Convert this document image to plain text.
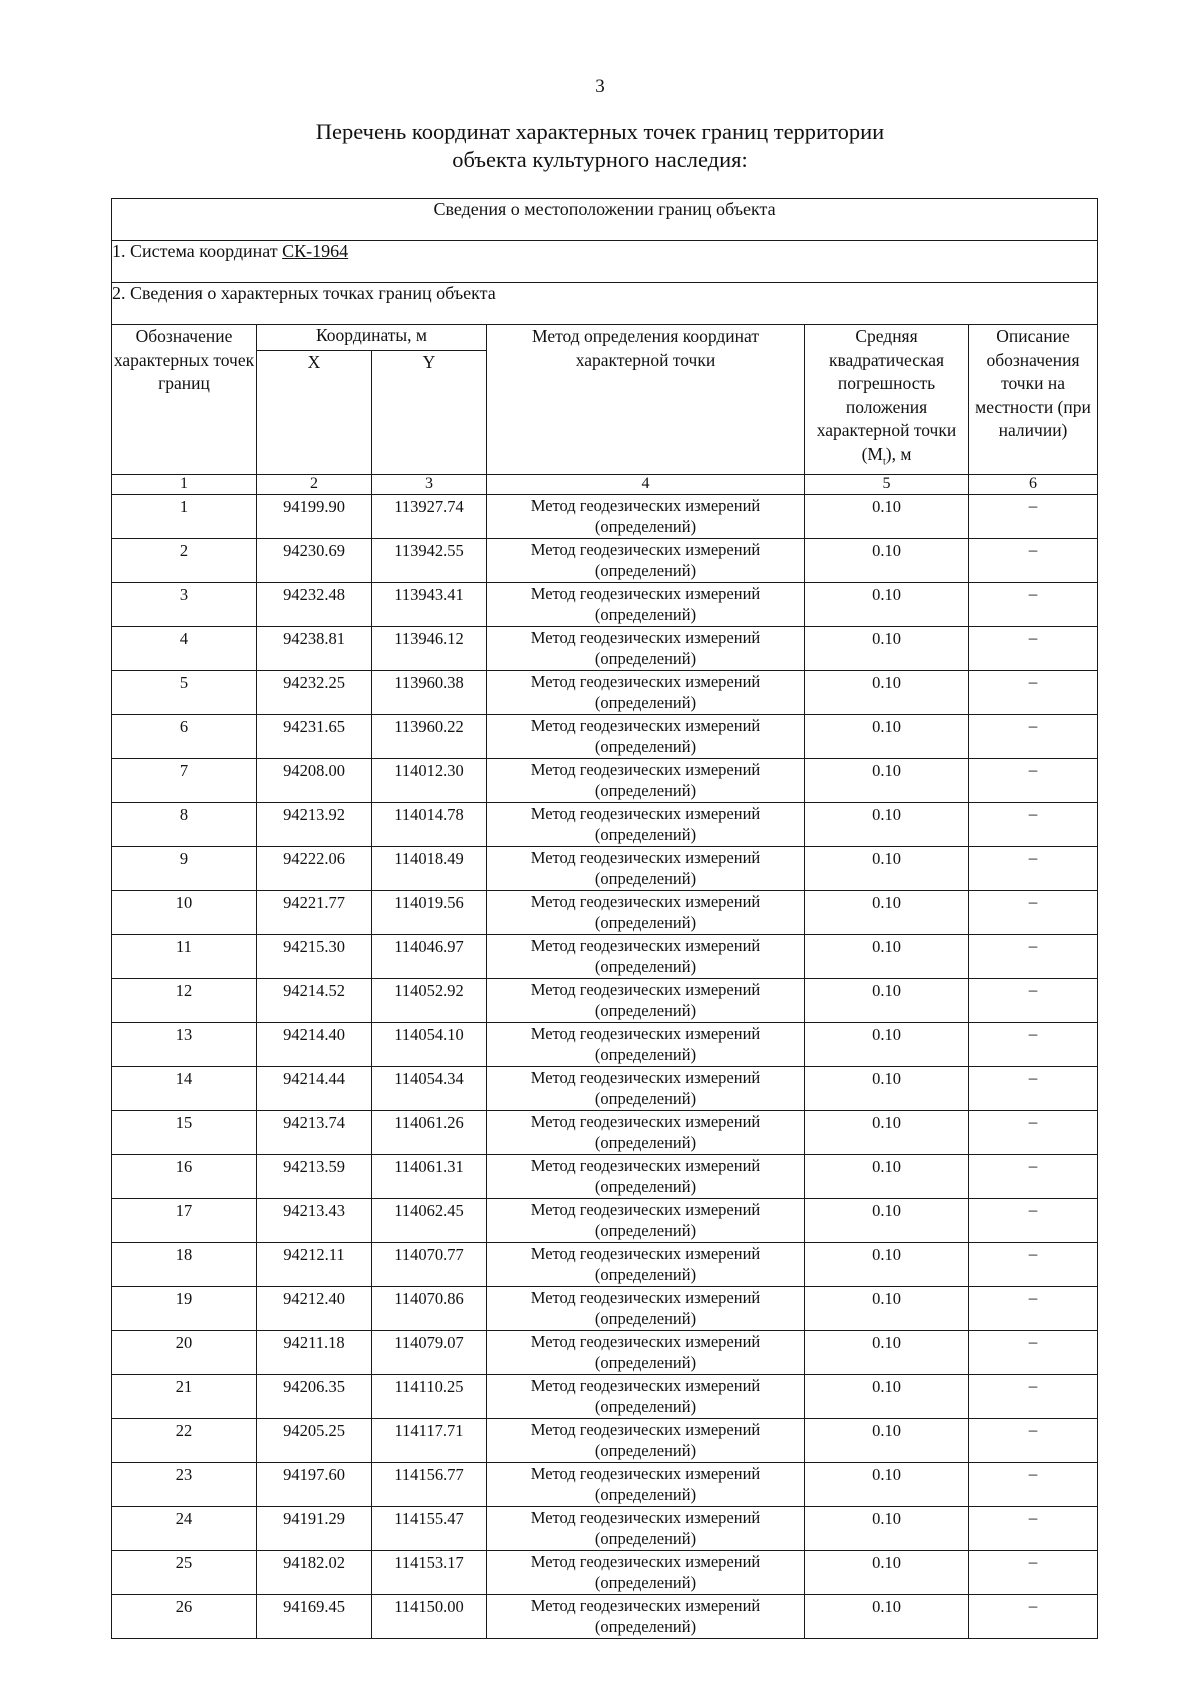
3
Перечень координат характерных точек границ территории
объекта культурного наследия:
Сведения о местоположении границ объекта					
1. Система координат СК-1964					
2. Сведения о характерных точках границ объекта					
Обозначение характерных точек границ	Координаты, м		Метод определения координат характерной точки	Средняя квадратическая погрешность положения характерной точки $(M_t)$, м	Описание обозначения точки на местности (при наличии)
	X	Y			
1	2	3	4	5	6
1	94199.90	113927.74	Метод геодезических измерений (определений)	0.10	–
2	94230.69	113942.55	Метод геодезических измерений (определений)	0.10	–
3	94232.48	113943.41	Метод геодезических измерений (определений)	0.10	–
4	94238.81	113946.12	Метод геодезических измерений (определений)	0.10	–
5	94232.25	113960.38	Метод геодезических измерений (определений)	0.10	–
6	94231.65	113960.22	Метод геодезических измерений (определений)	0.10	–
7	94208.00	114012.30	Метод геодезических измерений (определений)	0.10	–
8	94213.92	114014.78	Метод геодезических измерений (определений)	0.10	–
9	94222.06	114018.49	Метод геодезических измерений (определений)	0.10	–
10	94221.77	114019.56	Метод геодезических измерений (определений)	0.10	–
11	94215.30	114046.97	Метод геодезических измерений (определений)	0.10	–
12	94214.52	114052.92	Метод геодезических измерений (определений)	0.10	–
13	94214.40	114054.10	Метод геодезических измерений (определений)	0.10	–
14	94214.44	114054.34	Метод геодезических измерений (определений)	0.10	–
15	94213.74	114061.26	Метод геодезических измерений (определений)	0.10	–
16	94213.59	114061.31	Метод геодезических измерений (определений)	0.10	–
17	94213.43	114062.45	Метод геодезических измерений (определений)	0.10	–
18	94212.11	114070.77	Метод геодезических измерений (определений)	0.10	–
19	94212.40	114070.86	Метод геодезических измерений (определений)	0.10	–
20	94211.18	114079.07	Метод геодезических измерений (определений)	0.10	–
21	94206.35	114110.25	Метод геодезических измерений (определений)	0.10	–
22	94205.25	114117.71	Метод геодезических измерений (определений)	0.10	–
23	94197.60	114156.77	Метод геодезических измерений (определений)	0.10	–
24	94191.29	114155.47	Метод геодезических измерений (определений)	0.10	–
25	94182.02	114153.17	Метод геодезических измерений (определений)	0.10	–
26	94169.45	114150.00	Метод геодезических измерений (определений)	0.10	–
